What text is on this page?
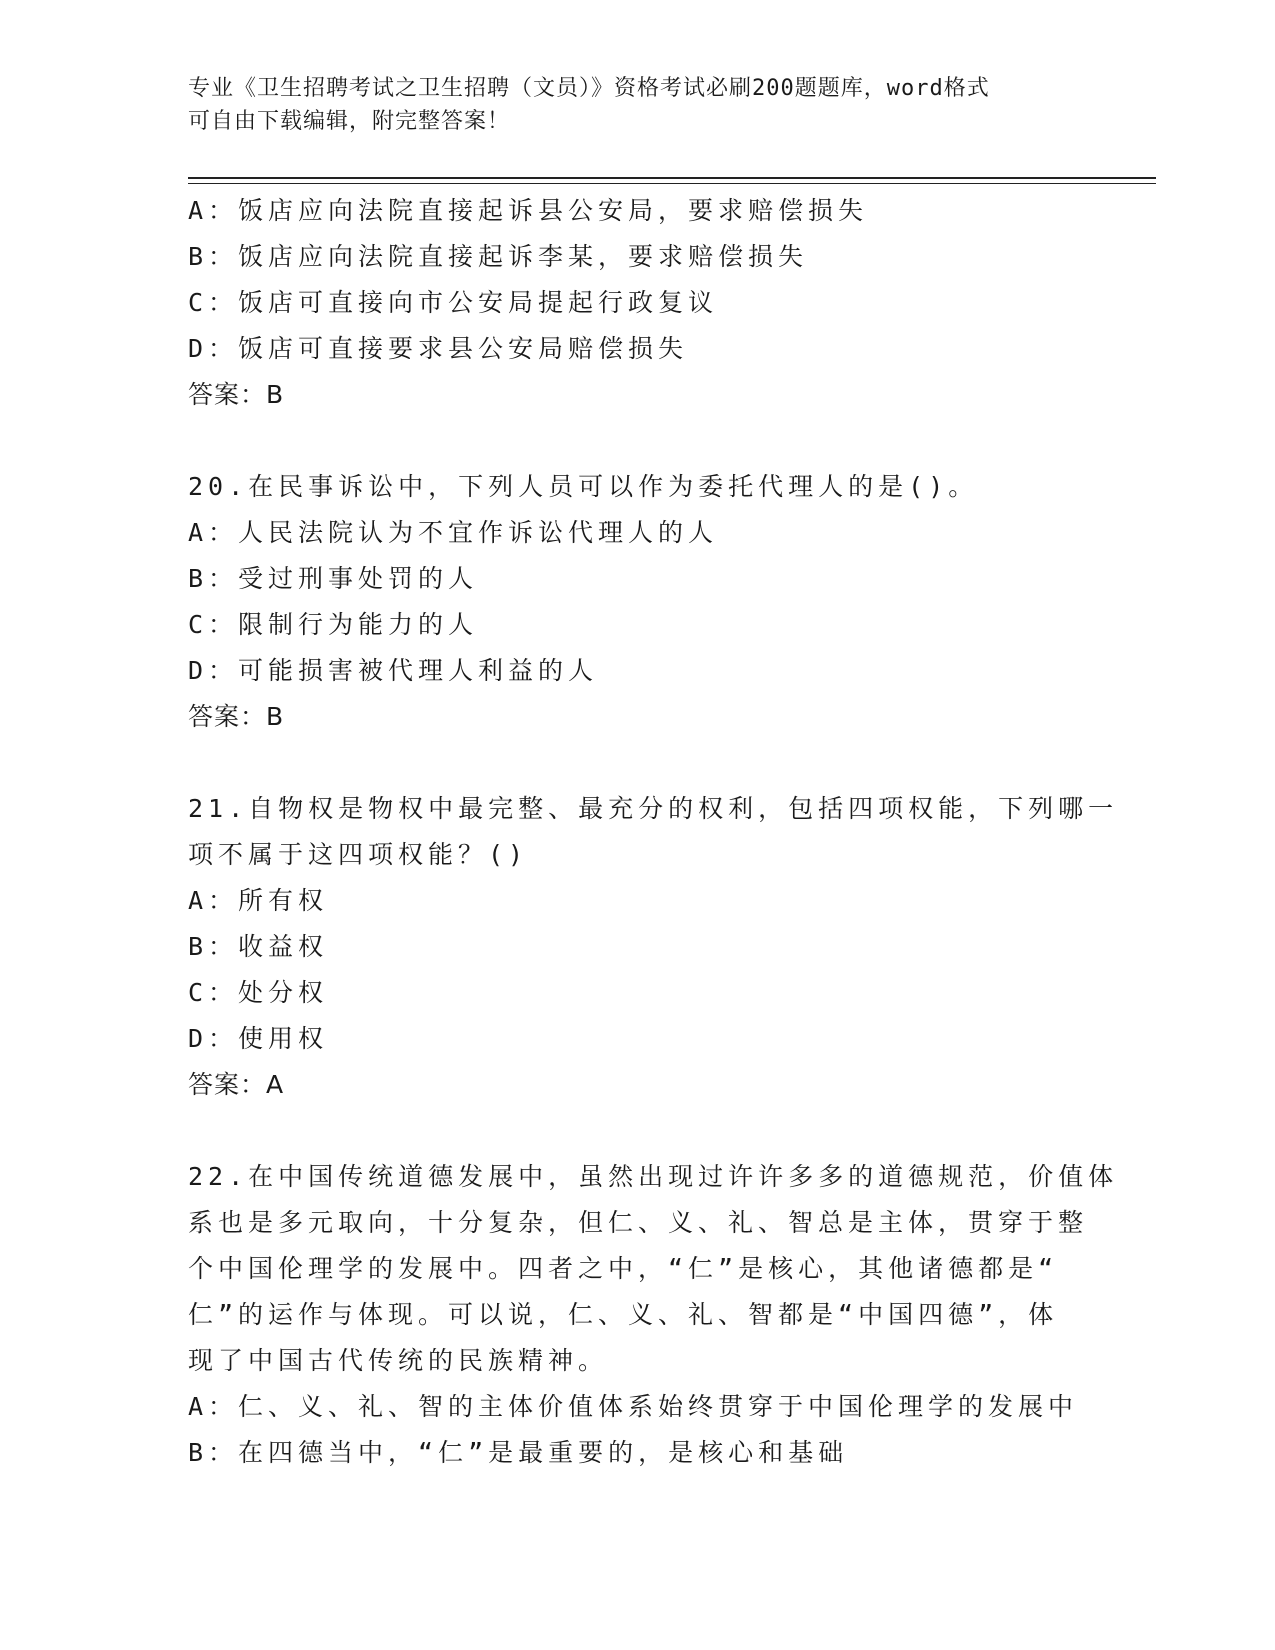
专业《卫生招聘考试之卫生招聘（文员）》资格考试必刷200题题库，word格式
可自由下载编辑，附完整答案！
A：饭店应向法院直接起诉县公安局，要求赔偿损失
B：饭店应向法院直接起诉李某，要求赔偿损失
C：饭店可直接向市公安局提起行政复议
D：饭店可直接要求县公安局赔偿损失
答案：B
20.在民事诉讼中，下列人员可以作为委托代理人的是()。
A：人民法院认为不宜作诉讼代理人的人
B：受过刑事处罚的人
C：限制行为能力的人
D：可能损害被代理人利益的人
答案：B
21.自物权是物权中最完整、最充分的权利，包括四项权能，下列哪一
项不属于这四项权能？()
A：所有权
B：收益权
C：处分权
D：使用权
答案：A
22.在中国传统道德发展中，虽然出现过许许多多的道德规范，价值体
系也是多元取向，十分复杂，但仁、义、礼、智总是主体，贯穿于整
个中国伦理学的发展中。四者之中，“仁”是核心，其他诸德都是“
仁”的运作与体现。可以说，仁、义、礼、智都是“中国四德”，体
现了中国古代传统的民族精神。
A：仁、义、礼、智的主体价值体系始终贯穿于中国伦理学的发展中
B：在四德当中，“仁”是最重要的，是核心和基础
